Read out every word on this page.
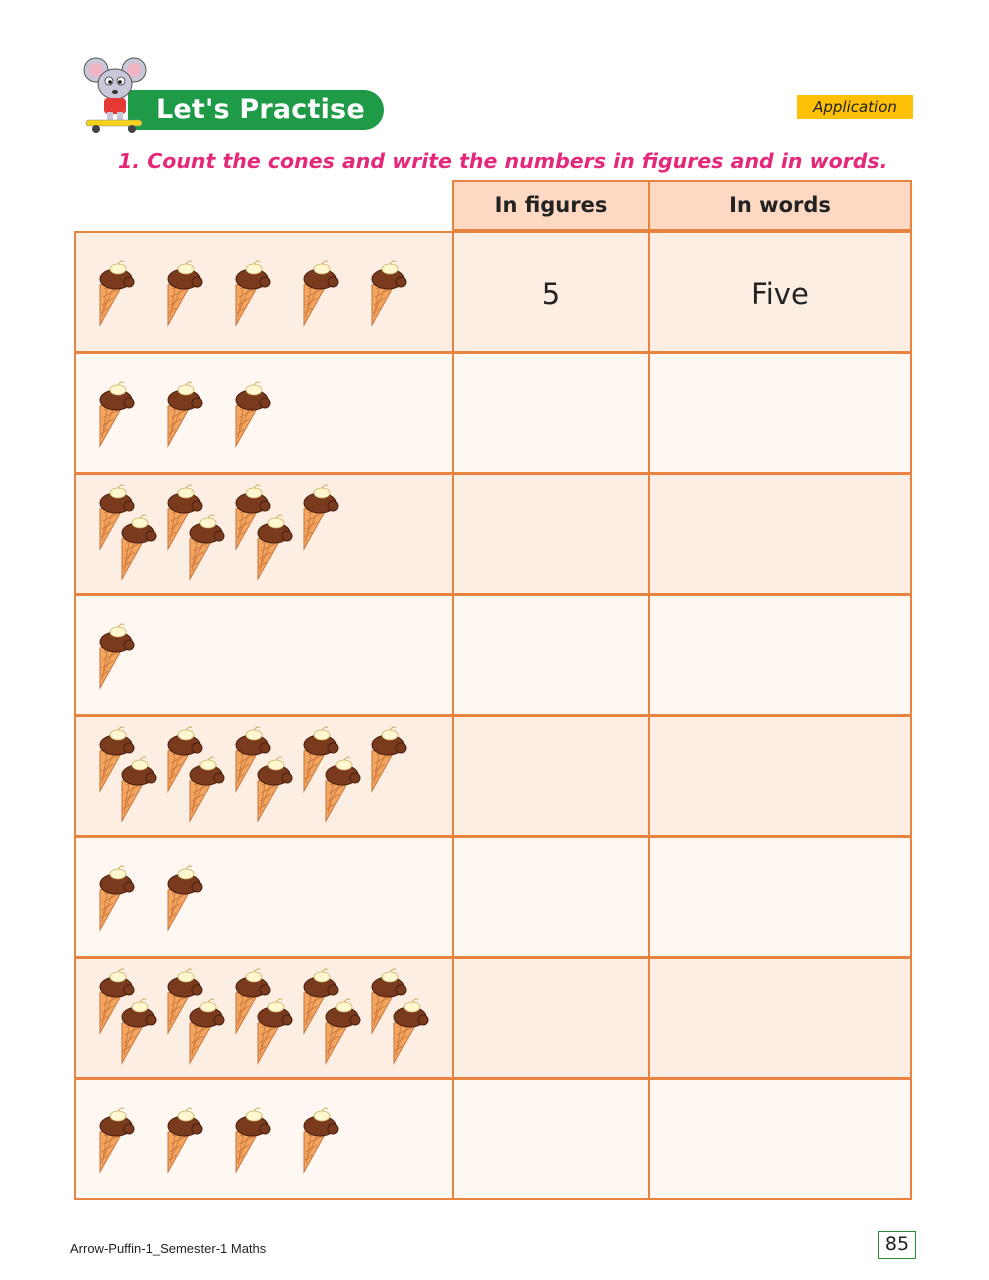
Let's Practise 2.1
Application
1. Count the cones and write the numbers in figures and in words.
In figures	In words
5	Five
Arrow-Puffin-1_Semester-1 Maths	85
